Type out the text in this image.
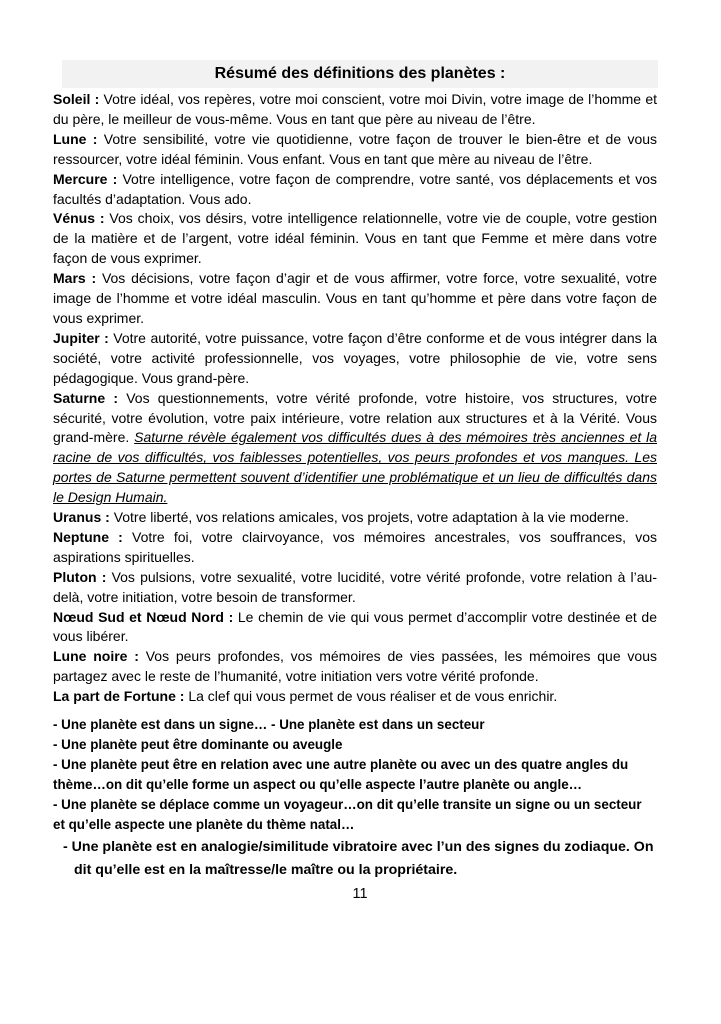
Résumé des définitions des planètes :

Soleil : Votre idéal, vos repères, votre moi conscient, votre moi Divin, votre image de l’homme et du père, le meilleur de vous-même. Vous en tant que père au niveau de l’être.

Lune : Votre sensibilité, votre vie quotidienne, votre façon de trouver le bien-être et de vous ressourcer, votre idéal féminin. Vous enfant. Vous en tant que mère au niveau de l’être.

Mercure : Votre intelligence, votre façon de comprendre, votre santé, vos déplacements et vos facultés d’adaptation. Vous ado.

Vénus : Vos choix, vos désirs, votre intelligence relationnelle, votre vie de couple, votre gestion de la matière et de l’argent, votre idéal féminin. Vous en tant que Femme et mère dans votre façon de vous exprimer.

Mars : Vos décisions, votre façon d’agir et de vous affirmer, votre force, votre sexualité, votre image de l’homme et votre idéal masculin. Vous en tant qu’homme et père dans votre façon de vous exprimer.

Jupiter : Votre autorité, votre puissance, votre façon d’être conforme et de vous intégrer dans la société, votre activité professionnelle, vos voyages, votre philosophie de vie, votre sens pédagogique. Vous grand-père.

Saturne : Vos questionnements, votre vérité profonde, votre histoire, vos structures, votre sécurité, votre évolution, votre paix intérieure, votre relation aux structures et à la Vérité. Vous grand-mère. Saturne révèle également vos difficultés dues à des mémoires très anciennes et la racine de vos difficultés, vos faiblesses potentielles, vos peurs profondes et vos manques. Les portes de Saturne permettent souvent d’identifier une problématique et un lieu de difficultés dans le Design Humain.

Uranus : Votre liberté, vos relations amicales, vos projets, votre adaptation à la vie moderne.

Neptune : Votre foi, votre clairvoyance, vos mémoires ancestrales, vos souffrances, vos aspirations spirituelles.

Pluton : Vos pulsions, votre sexualité, votre lucidité, votre vérité profonde, votre relation à l’au-delà, votre initiation, votre besoin de transformer.

Nœud Sud et Nœud Nord : Le chemin de vie qui vous permet d’accomplir votre destinée et de vous libérer.

Lune noire : Vos peurs profondes, vos mémoires de vies passées, les mémoires que vous partagez avec le reste de l’humanité, votre initiation vers votre vérité profonde.

La part de Fortune : La clef qui vous permet de vous réaliser et de vous enrichir.

- Une planète est dans un signe… - Une planète est dans un secteur

- Une planète peut être dominante ou aveugle

- Une planète peut être en relation avec une autre planète ou avec un des quatre angles du thème…on dit qu’elle forme un aspect ou qu’elle aspecte l’autre planète ou angle…

- Une planète se déplace comme un voyageur…on dit qu’elle transite un signe ou un secteur et qu’elle aspecte une planète du thème natal…

- Une planète est en analogie/similitude vibratoire avec l’un des signes du zodiaque. On dit qu’elle est en la maîtresse/le maître ou la propriétaire.

11
